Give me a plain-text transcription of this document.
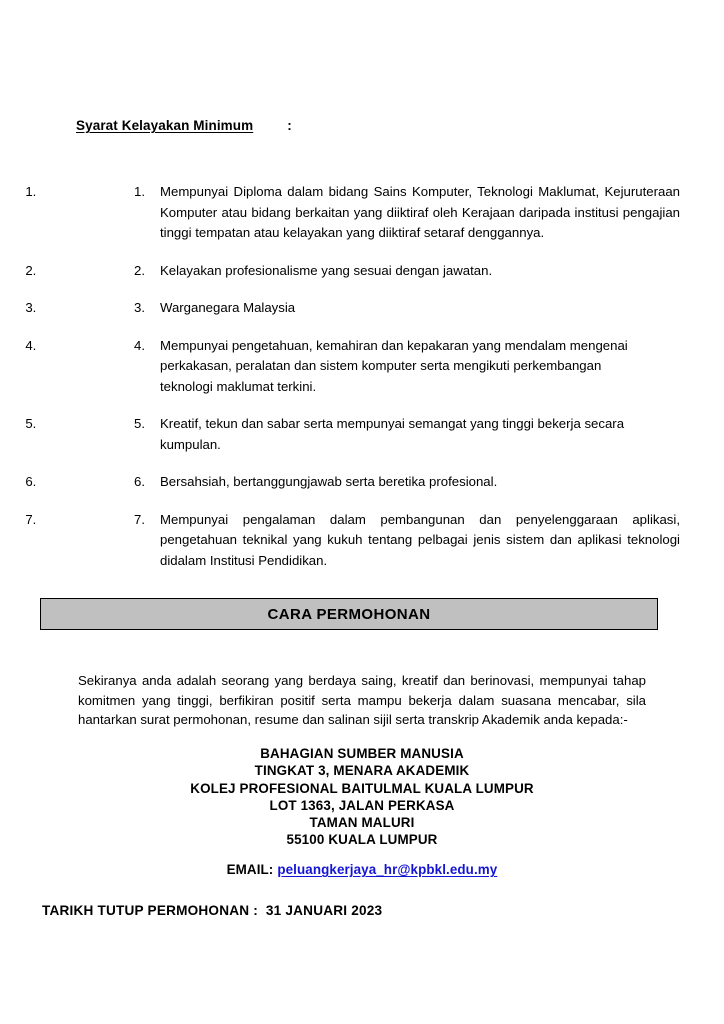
Syarat Kelayakan Minimum	:
1. 1.	Mempunyai Diploma dalam bidang Sains Komputer, Teknologi Maklumat, Kejuruteraan Komputer atau bidang berkaitan yang diiktiraf oleh Kerajaan daripada institusi pengajian tinggi tempatan atau kelayakan yang diiktiraf setaraf denggannya.
2. 2.	Kelayakan profesionalisme yang sesuai dengan jawatan.
3. 3.	Warganegara Malaysia
4. 4.	Mempunyai pengetahuan, kemahiran dan kepakaran yang mendalam mengenai perkakasan, peralatan dan sistem komputer serta mengikuti perkembangan teknologi maklumat terkini.
5. 5.	Kreatif, tekun dan sabar serta mempunyai semangat yang tinggi bekerja secara kumpulan.
6. 6.	Bersahsiah, bertanggungjawab serta beretika profesional.
7. 7.	Mempunyai pengalaman dalam pembangunan dan penyelenggaraan aplikasi, pengetahuan teknikal yang kukuh tentang pelbagai jenis sistem dan aplikasi teknologi didalam Institusi Pendidikan.
CARA PERMOHONAN

Sekiranya anda adalah seorang yang berdaya saing, kreatif dan berinovasi, mempunyai tahap komitmen yang tinggi, berfikiran positif serta mampu bekerja dalam suasana mencabar, sila hantarkan surat permohonan, resume dan salinan sijil serta transkrip Akademik anda kepada:-

BAHAGIAN SUMBER MANUSIA
TINGKAT 3, MENARA AKADEMIK
KOLEJ PROFESIONAL BAITULMAL KUALA LUMPUR
LOT 1363, JALAN PERKASA
TAMAN MALURI
55100 KUALA LUMPUR
EMAIL: peluangkerjaya_hr@kpbkl.edu.my
TARIKH TUTUP PERMOHONAN :  31 JANUARI 2023
